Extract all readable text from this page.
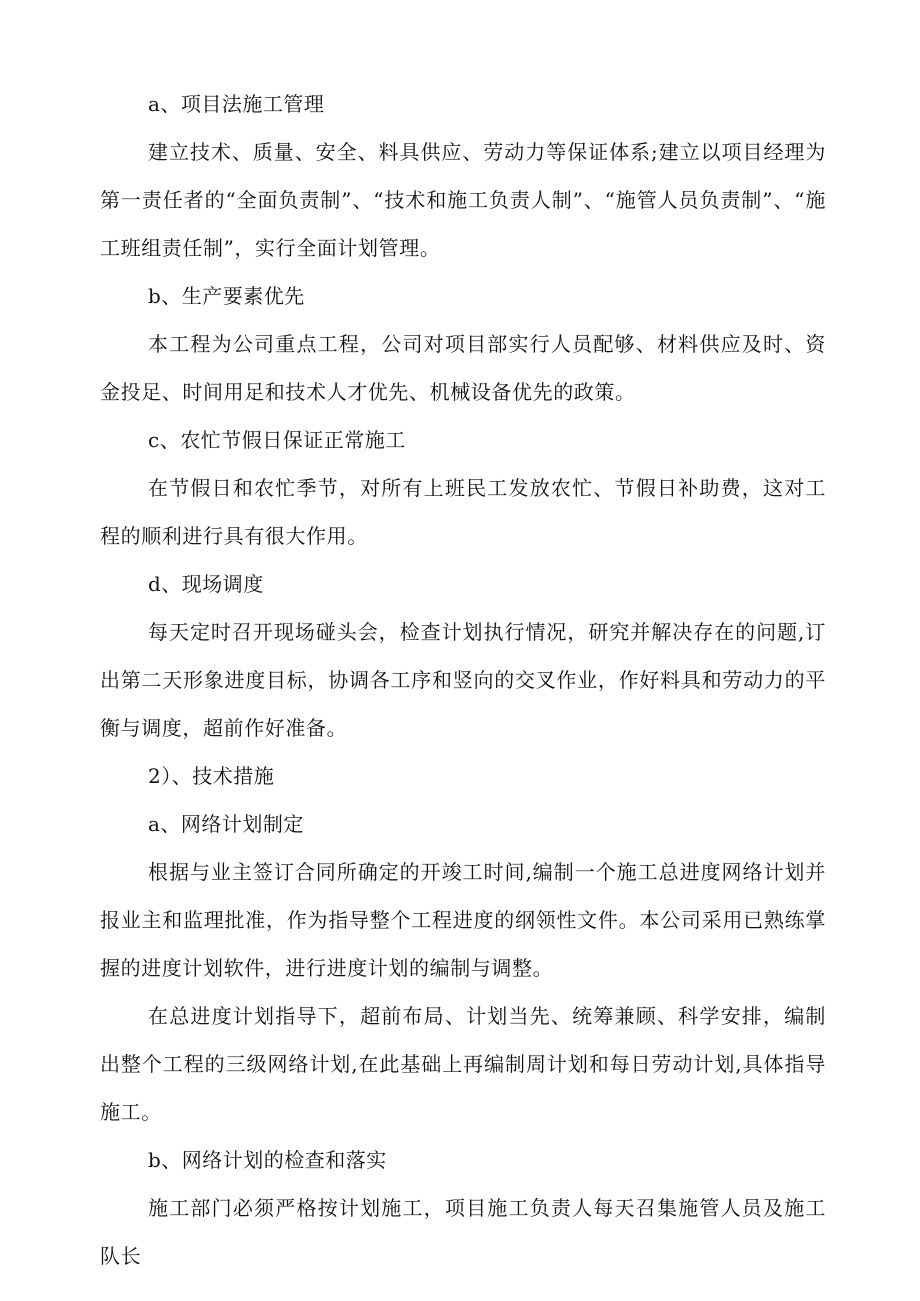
a、项目法施工管理

建立技术、质量、安全、料具供应、劳动力等保证体系;建立以项目经理为第一责任者的“全面负责制”、“技术和施工负责人制”、“施管人员负责制”、“施工班组责任制”，实行全面计划管理。

b、生产要素优先

本工程为公司重点工程，公司对项目部实行人员配够、材料供应及时、资金投足、时间用足和技术人才优先、机械设备优先的政策。

c、农忙节假日保证正常施工

在节假日和农忙季节，对所有上班民工发放农忙、节假日补助费，这对工程的顺利进行具有很大作用。

d、现场调度

每天定时召开现场碰头会，检查计划执行情况，研究并解决存在的问题,订出第二天形象进度目标，协调各工序和竖向的交叉作业，作好料具和劳动力的平衡与调度，超前作好准备。

2）、技术措施

a、网络计划制定

根据与业主签订合同所确定的开竣工时间,编制一个施工总进度网络计划并报业主和监理批准，作为指导整个工程进度的纲领性文件。本公司采用已熟练掌握的进度计划软件，进行进度计划的编制与调整。

在总进度计划指导下，超前布局、计划当先、统筹兼顾、科学安排，编制出整个工程的三级网络计划,在此基础上再编制周计划和每日劳动计划,具体指导施工。

b、网络计划的检查和落实

施工部门必须严格按计划施工，项目施工负责人每天召集施管人员及施工队长
